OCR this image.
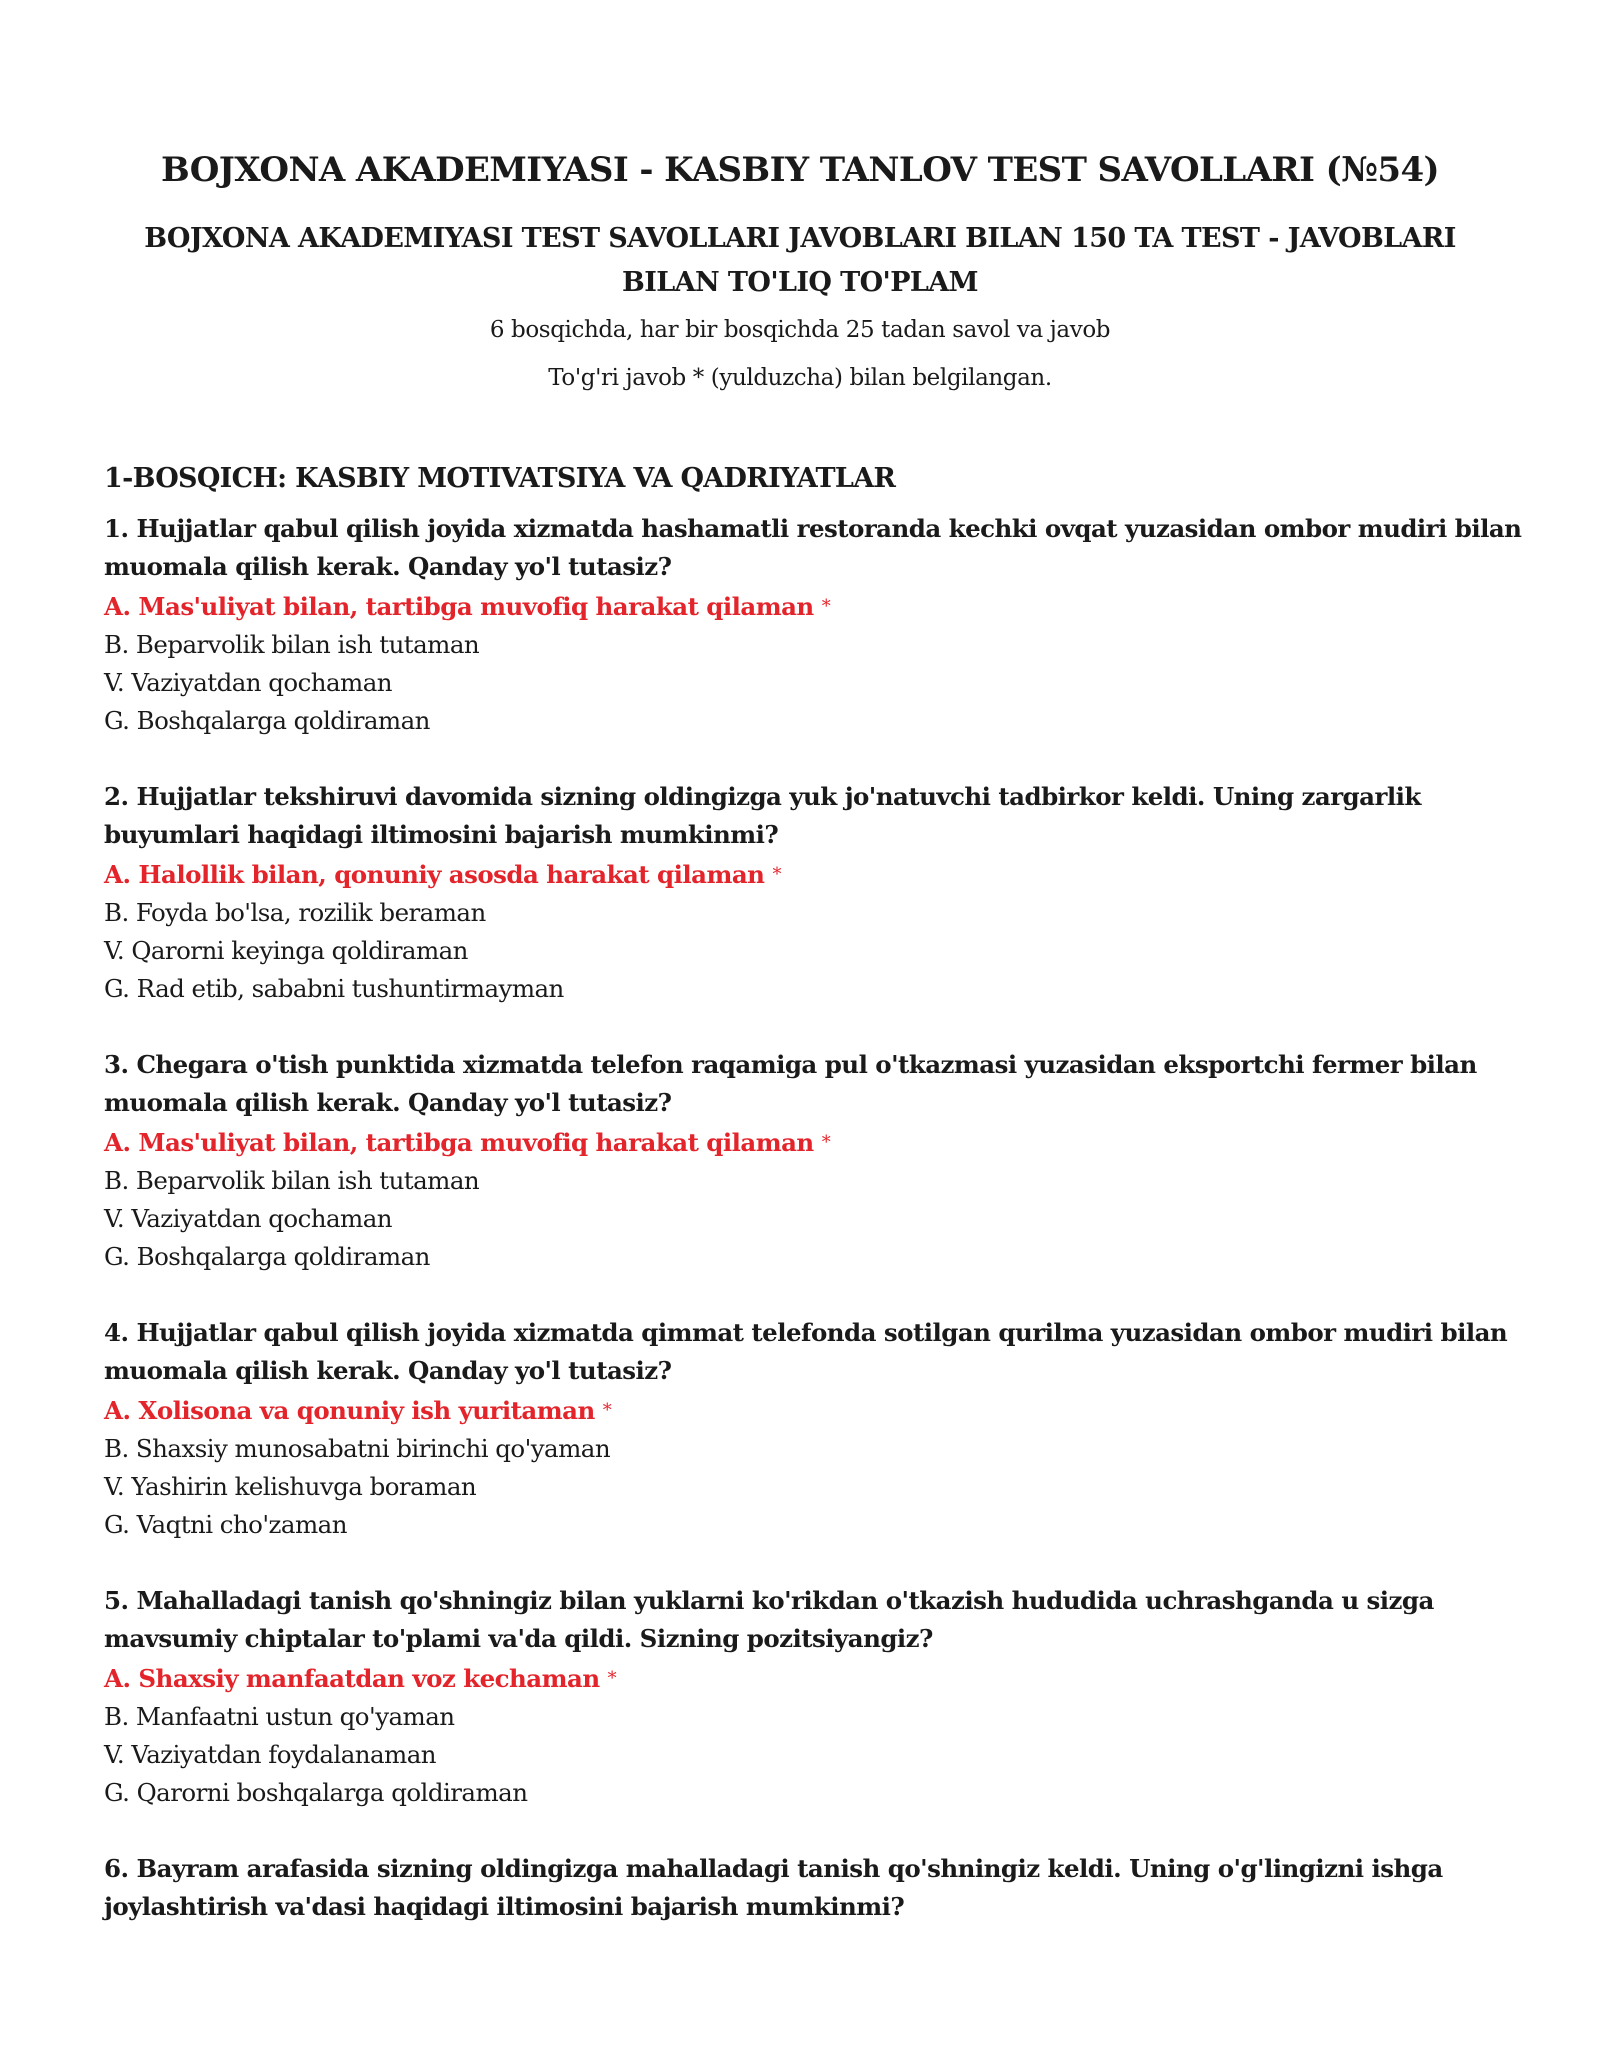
BOJXONA AKADEMIYASI - KASBIY TANLOV TEST SAVOLLARI (№54)
BOJXONA AKADEMIYASI TEST SAVOLLARI JAVOBLARI BILAN 150 TA TEST - JAVOBLARI BILAN TO'LIQ TO'PLAM
6 bosqichda, har bir bosqichda 25 tadan savol va javob
To'g'ri javob * (yulduzcha) bilan belgilangan.
1-BOSQICH: KASBIY MOTIVATSIYA VA QADRIYATLAR
1. Hujjatlar qabul qilish joyida xizmatda hashamatli restoranda kechki ovqat yuzasidan ombor mudiri bilan muomala qilish kerak. Qanday yo'l tutasiz?
A. Mas'uliyat bilan, tartibga muvofiq harakat qilaman *
B. Beparvolik bilan ish tutaman
V. Vaziyatdan qochaman
G. Boshqalarga qoldiraman
2. Hujjatlar tekshiruvi davomida sizning oldingizga yuk jo'natuvchi tadbirkor keldi. Uning zargarlik buyumlari haqidagi iltimosini bajarish mumkinmi?
A. Halollik bilan, qonuniy asosda harakat qilaman *
B. Foyda bo'lsa, rozilik beraman
V. Qarorni keyinga qoldiraman
G. Rad etib, sababni tushuntirmayman
3. Chegara o'tish punktida xizmatda telefon raqamiga pul o'tkazmasi yuzasidan eksportchi fermer bilan muomala qilish kerak. Qanday yo'l tutasiz?
A. Mas'uliyat bilan, tartibga muvofiq harakat qilaman *
B. Beparvolik bilan ish tutaman
V. Vaziyatdan qochaman
G. Boshqalarga qoldiraman
4. Hujjatlar qabul qilish joyida xizmatda qimmat telefonda sotilgan qurilma yuzasidan ombor mudiri bilan muomala qilish kerak. Qanday yo'l tutasiz?
A. Xolisona va qonuniy ish yuritaman *
B. Shaxsiy munosabatni birinchi qo'yaman
V. Yashirin kelishuvga boraman
G. Vaqtni cho'zaman
5. Mahalladagi tanish qo'shningiz bilan yuklarni ko'rikdan o'tkazish hududida uchrashganda u sizga mavsumiy chiptalar to'plami va'da qildi. Sizning pozitsiyangiz?
A. Shaxsiy manfaatdan voz kechaman *
B. Manfaatni ustun qo'yaman
V. Vaziyatdan foydalanaman
G. Qarorni boshqalarga qoldiraman
6. Bayram arafasida sizning oldingizga mahalladagi tanish qo'shningiz keldi. Uning o'g'lingizni ishga joylashtirish va'dasi haqidagi iltimosini bajarish mumkinmi?
